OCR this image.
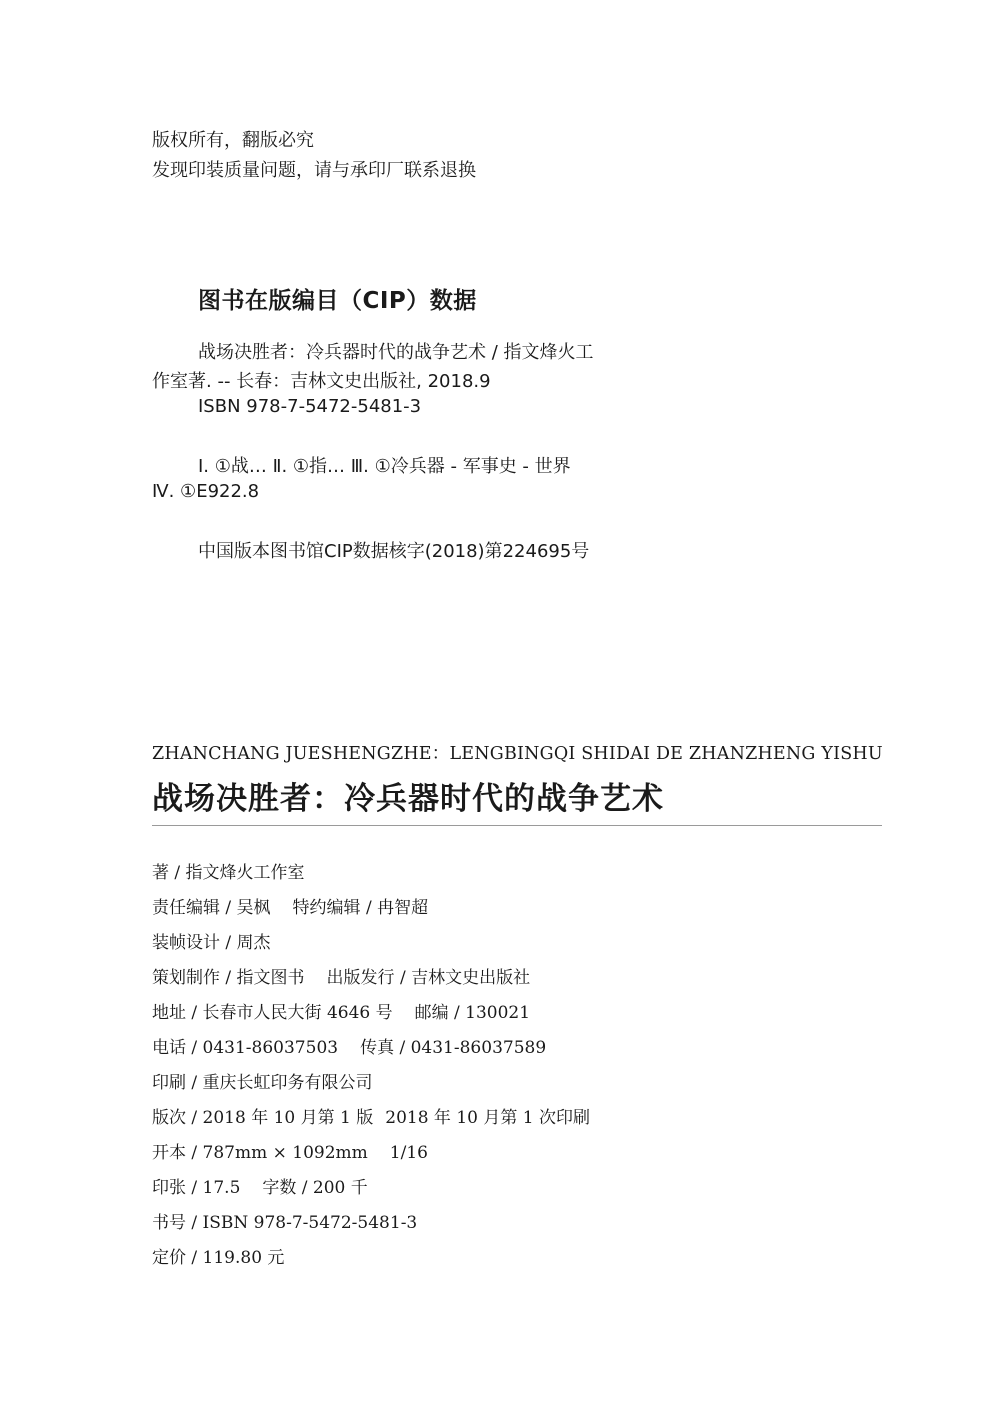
版权所有，翻版必究
发现印装质量问题，请与承印厂联系退换
图书在版编目（CIP）数据
战场决胜者：冷兵器时代的战争艺术 / 指文烽火工
作室著. -- 长春：吉林文史出版社, 2018.9
ISBN 978-7-5472-5481-3
Ⅰ. ①战… Ⅱ. ①指… Ⅲ. ①冷兵器 - 军事史 - 世界
Ⅳ. ①E922.8
中国版本图书馆CIP数据核字(2018)第224695号
ZHANCHANG JUESHENGZHE：LENGBINGQI SHIDAI DE ZHANZHENG YISHU
战场决胜者：冷兵器时代的战争艺术
著 / 指文烽火工作室
责任编辑 / 吴枫 特约编辑 / 冉智超
装帧设计 / 周杰
策划制作 / 指文图书 出版发行 / 吉林文史出版社
地址 / 长春市人民大街 4646 号 邮编 / 130021
电话 / 0431-86037503 传真 / 0431-86037589
印刷 / 重庆长虹印务有限公司
版次 / 2018 年 10 月第 1 版 2018 年 10 月第 1 次印刷
开本 / 787mm × 1092mm 1/16
印张 / 17.5 字数 / 200 千
书号 / ISBN 978-7-5472-5481-3
定价 / 119.80 元
